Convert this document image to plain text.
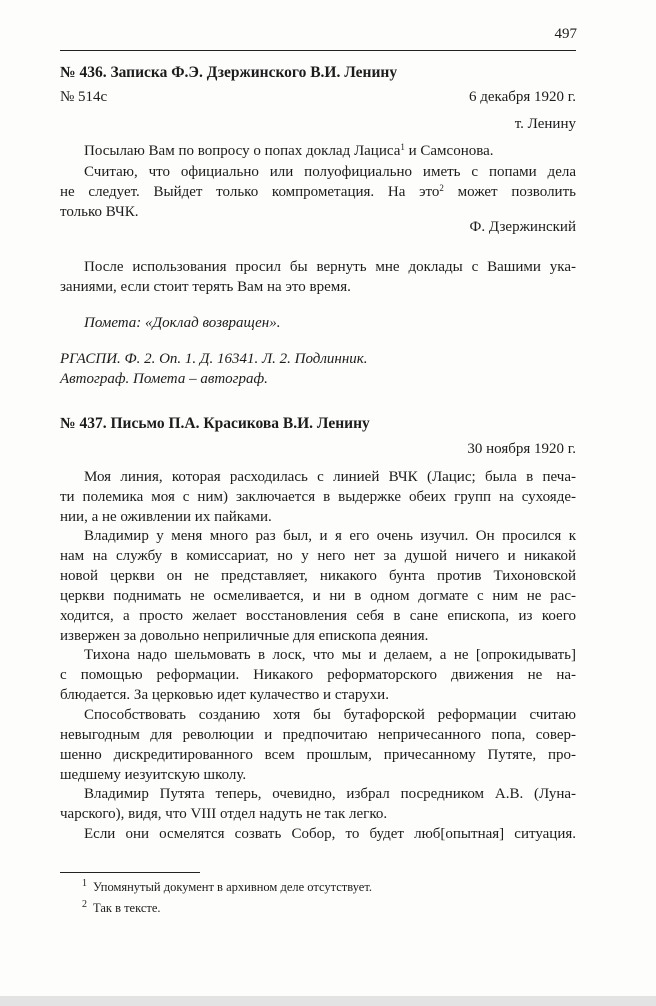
497
№ 436. Записка Ф.Э. Дзержинского В.И. Ленину
№ 514с	6 декабря 1920 г.
т. Ленину
Посылаю Вам по вопросу о попах доклад Лациса$^1$ и Самсонова.
Считаю, что официально или полуофициально иметь с попами дела
не следует. Выйдет только компрометация. На это$^2$ может позволить
только ВЧК.
Ф. Дзержинский
После использования просил бы вернуть мне доклады с Вашими ука-
заниями, если стоит терять Вам на это время.
Помета: «Доклад возвращен».
РГАСПИ. Ф. 2. Оп. 1. Д. 16341. Л. 2. Подлинник.
Автограф. Помета – автограф.
№ 437. Письмо П.А. Красикова В.И. Ленину
30 ноября 1920 г.
Моя линия, которая расходилась с линией ВЧК (Лацис; была в печа-
ти полемика моя с ним) заключается в выдержке обеих групп на сухояде-
нии, а не оживлении их пайками.
Владимир у меня много раз был, и я его очень изучил. Он просился к
нам на службу в комиссариат, но у него нет за душой ничего и никакой
новой церкви он не представляет, никакого бунта против Тихоновской
церкви поднимать не осмеливается, и ни в одном догмате с ним не рас-
ходится, а просто желает восстановления себя в сане епископа, из коего
извержен за довольно неприличные для епископа деяния.
Тихона надо шельмовать в лоск, что мы и делаем, а не [опрокидывать]
с помощью реформации. Никакого реформаторского движения не на-
блюдается. За церковью идет кулачество и старухи.
Способствовать созданию хотя бы бутафорской реформации считаю
невыгодным для революции и предпочитаю непричесанного попа, совер-
шенно дискредитированного всем прошлым, причесанному Путяте, про-
шедшему иезуитскую школу.
Владимир Путята теперь, очевидно, избрал посредником А.В. (Луна-
чарского), видя, что VIII отдел надуть не так легко.
Если они осмелятся созвать Собор, то будет люб[опытная] ситуация.
$^1$ Упомянутый документ в архивном деле отсутствует.
$^2$ Так в тексте.
